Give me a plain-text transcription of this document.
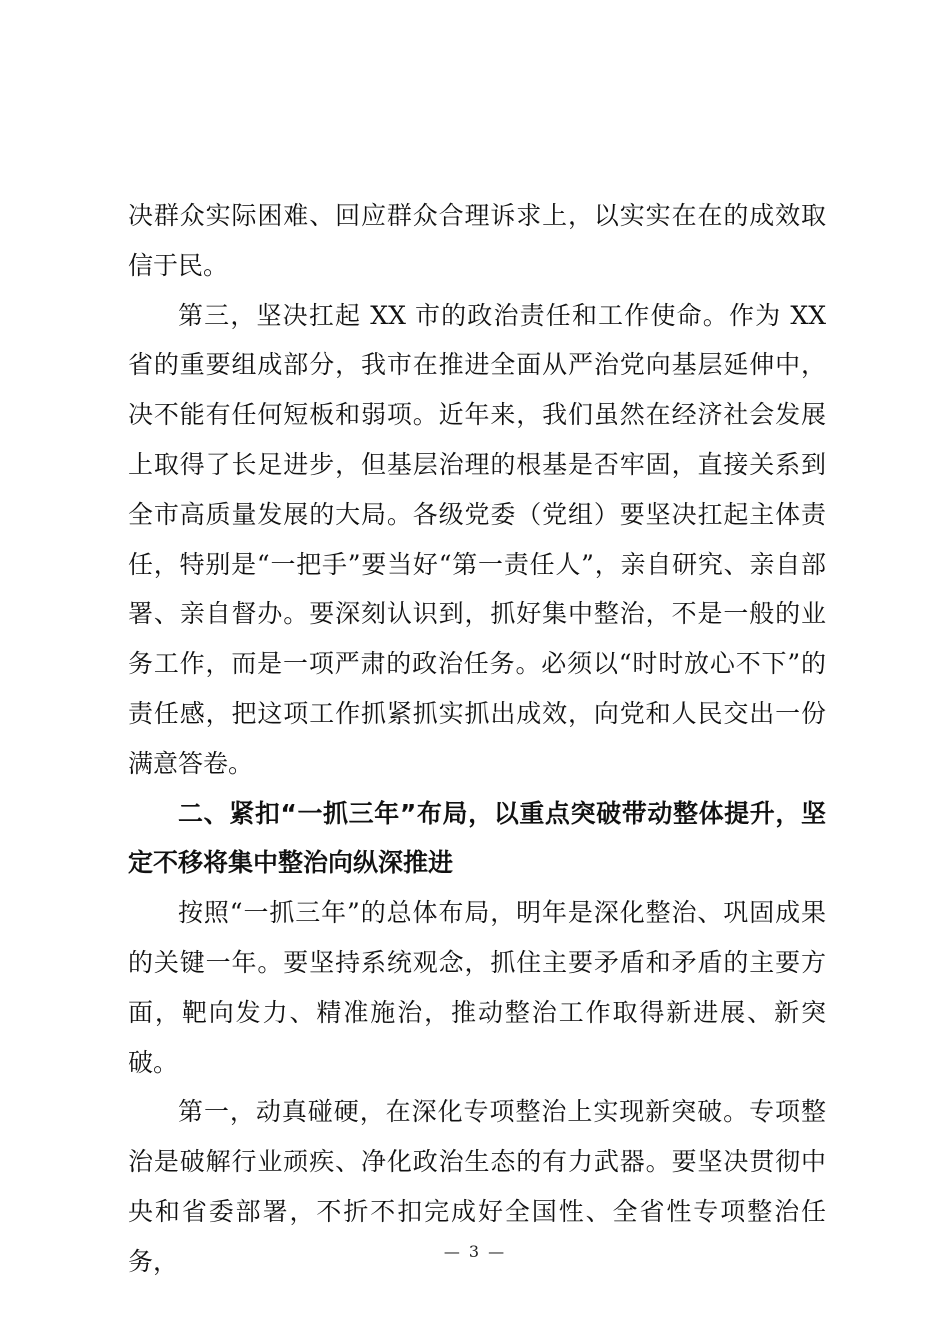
决群众实际困难、回应群众合理诉求上，以实实在在的成效取信于民。

第三，坚决扛起 XX 市的政治责任和工作使命。作为 XX 省的重要组成部分，我市在推进全面从严治党向基层延伸中，决不能有任何短板和弱项。近年来，我们虽然在经济社会发展上取得了长足进步，但基层治理的根基是否牢固，直接关系到全市高质量发展的大局。各级党委（党组）要坚决扛起主体责任，特别是“一把手”要当好“第一责任人”，亲自研究、亲自部署、亲自督办。要深刻认识到，抓好集中整治，不是一般的业务工作，而是一项严肃的政治任务。必须以“时时放心不下”的责任感，把这项工作抓紧抓实抓出成效，向党和人民交出一份满意答卷。

二、紧扣“一抓三年”布局，以重点突破带动整体提升，坚定不移将集中整治向纵深推进

按照“一抓三年”的总体布局，明年是深化整治、巩固成果的关键一年。要坚持系统观念，抓住主要矛盾和矛盾的主要方面，靶向发力、精准施治，推动整治工作取得新进展、新突破。

第一，动真碰硬，在深化专项整治上实现新突破。专项整治是破解行业顽疾、净化政治生态的有力武器。要坚决贯彻中央和省委部署，不折不扣完成好全国性、全省性专项整治任务，	— 3 —
